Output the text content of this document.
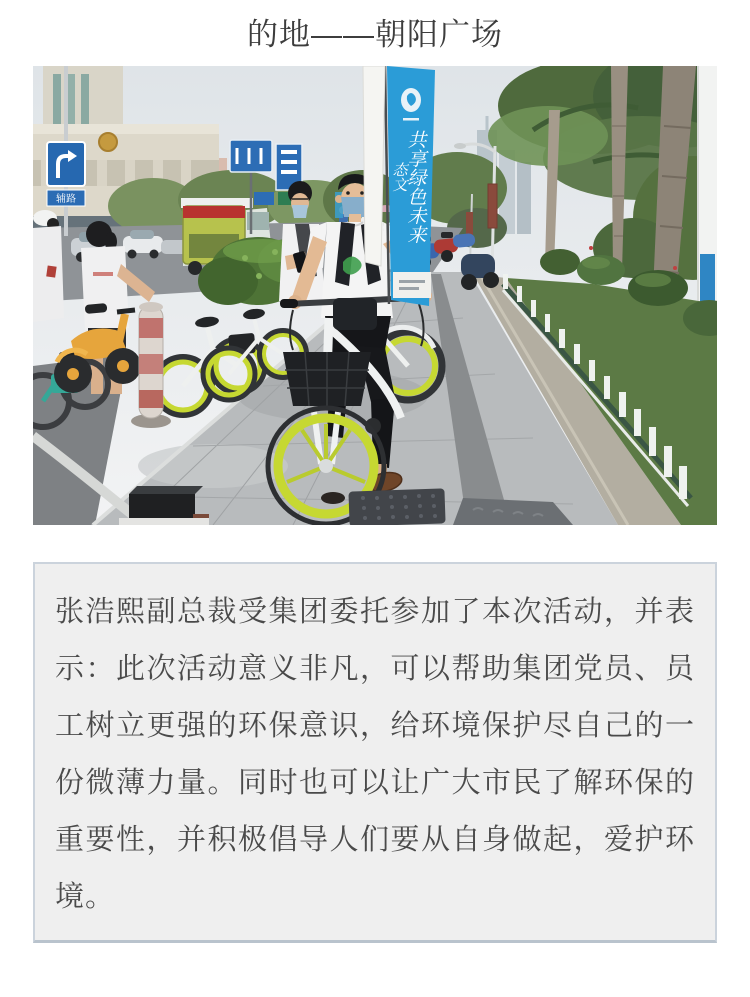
的地——朝阳广场
辅路	共享绿色未来
态文

张浩熙副总裁受集团委托参加了本次活动，并表示：此次活动意义非凡，可以帮助集团党员、员工树立更强的环保意识，给环境保护尽自己的一份微薄力量。同时也可以让广大市民了解环保的重要性，并积极倡导人们要从自身做起，爱护环境。
